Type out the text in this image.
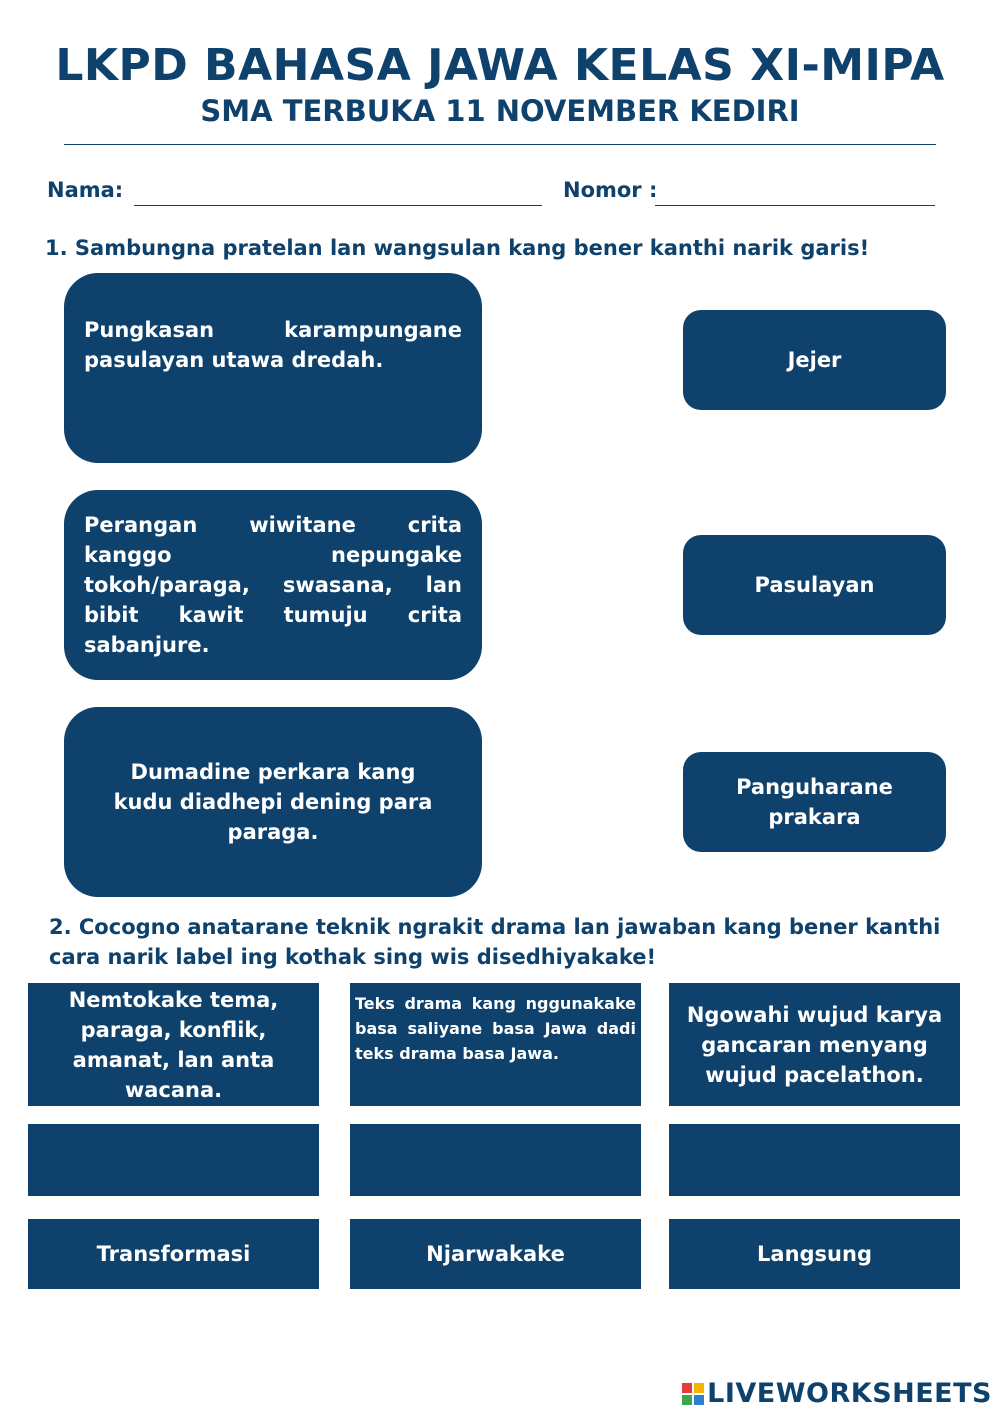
LKPD BAHASA JAWA KELAS XI-MIPA
SMA TERBUKA 11 NOVEMBER KEDIRI
Nama:	Nomor :
1. Sambungna pratelan lan wangsulan kang bener kanthi narik garis!
Pungkasan karampungane pasulayan utawa dredah.
Perangan wiwitane crita kanggo nepungake tokoh/paraga, swasana, lan bibit kawit tumuju crita sabanjure.
Dumadine perkara kang kudu diadhepi dening para paraga.
Jejer
Pasulayan
Panguharane prakara
2. Cocogno anatarane teknik ngrakit drama lan jawaban kang bener kanthi
cara narik label ing kothak sing wis disedhiyakake!
Nemtokake tema, paraga, konflik, amanat, lan anta wacana.
Teks drama kang nggunakake basa saliyane basa Jawa dadi teks drama basa Jawa.
Ngowahi wujud karya gancaran menyang wujud pacelathon.
Transformasi	Njarwakake	Langsung
LIVEWORKSHEETS
